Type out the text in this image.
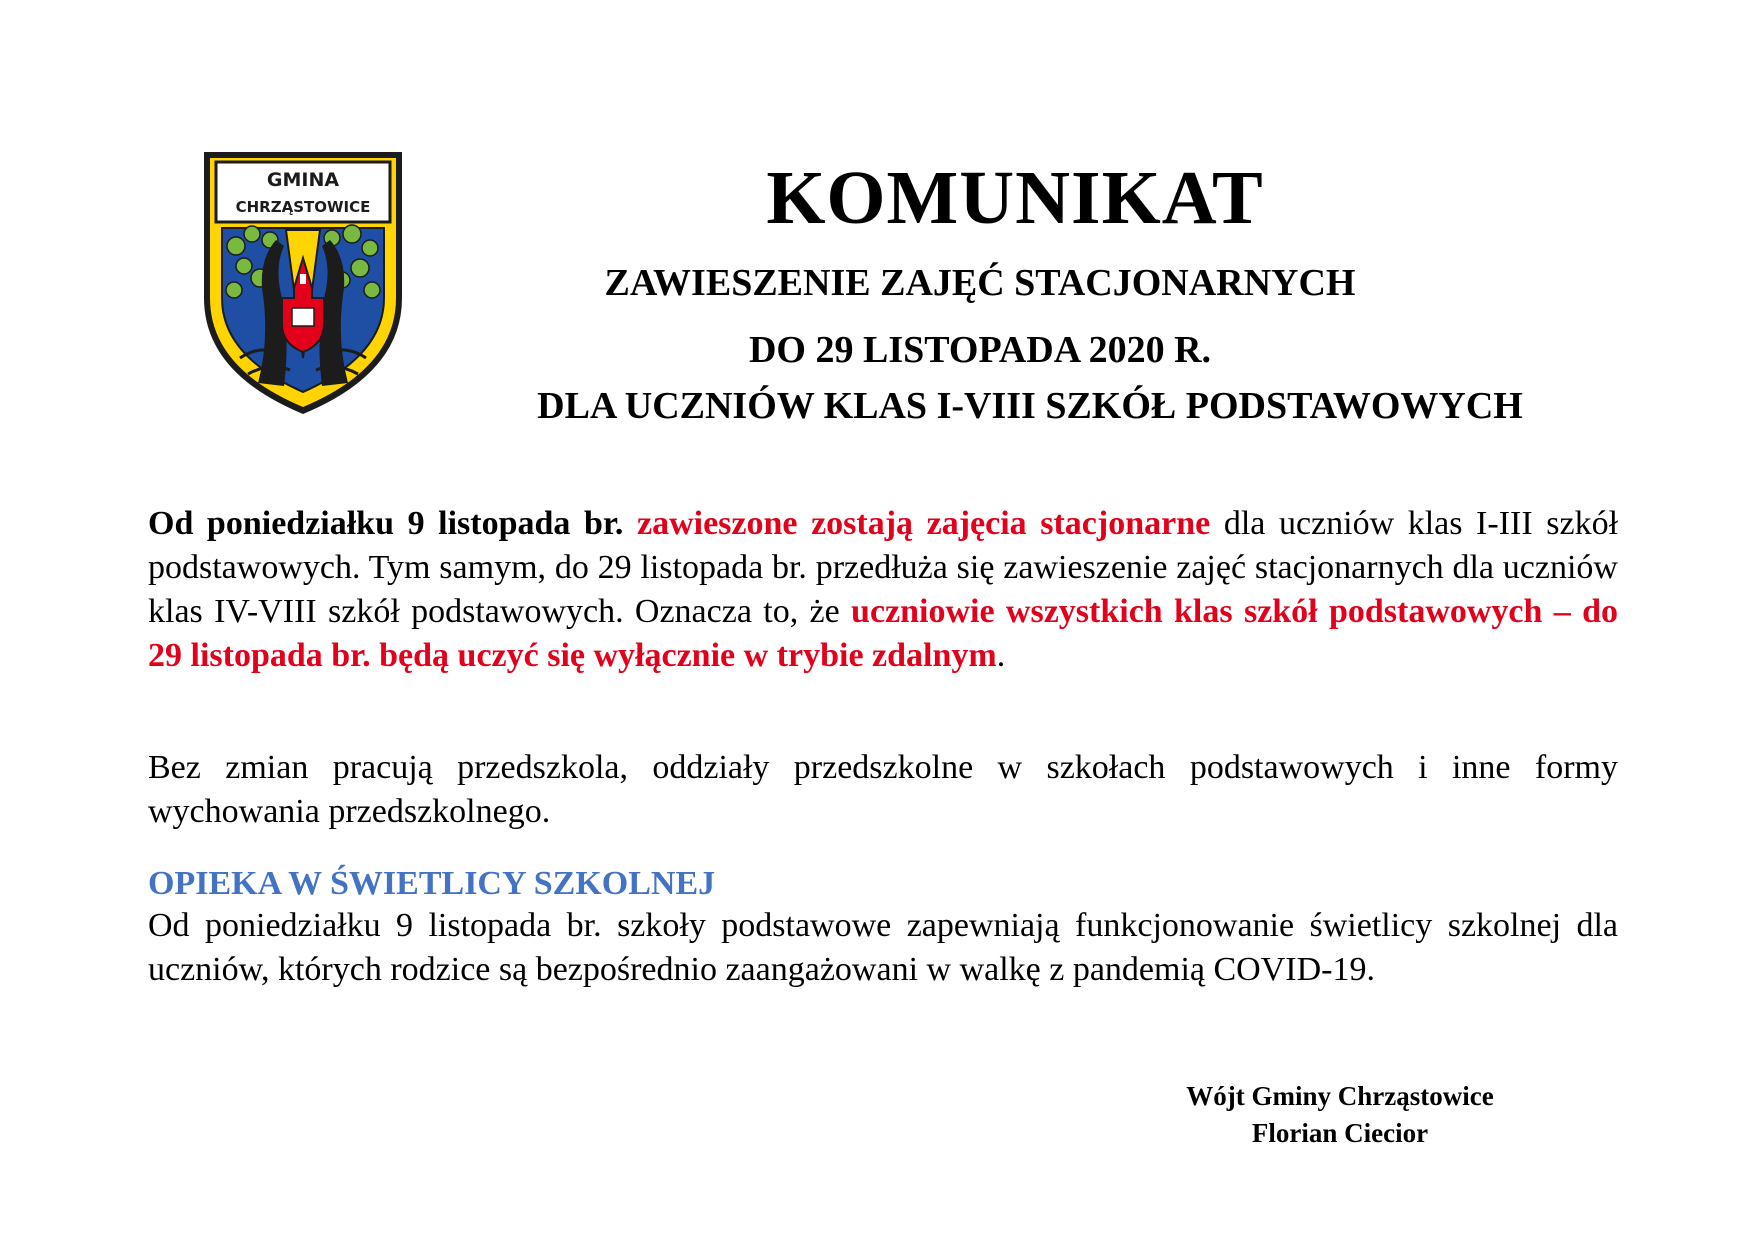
GMINA
CHRZĄSTOWICE	KOMUNIKAT

ZAWIESZENIE ZAJĘĆ STACJONARNYCH

DO 29 LISTOPADA 2020 R.

DLA UCZNIÓW KLAS I-VIII SZKÓŁ PODSTAWOWYCH

Od poniedziałku 9 listopada br. zawieszone zostają zajęcia stacjonarne dla uczniów klas I-III szkół podstawowych. Tym samym, do 29 listopada br. przedłuża się zawieszenie zajęć stacjonarnych dla uczniów klas IV-VIII szkół podstawowych. Oznacza to, że uczniowie wszystkich klas szkół podstawowych – do 29 listopada br. będą uczyć się wyłącznie w trybie zdalnym.

Bez zmian pracują przedszkola, oddziały przedszkolne w szkołach podstawowych i inne formy wychowania przedszkolnego.

OPIEKA W ŚWIETLICY SZKOLNEJ

Od poniedziałku 9 listopada br. szkoły podstawowe zapewniają funkcjonowanie świetlicy szkolnej dla uczniów, których rodzice są bezpośrednio zaangażowani w walkę z pandemią COVID-19.

Wójt Gminy Chrząstowice
Florian Ciecior
